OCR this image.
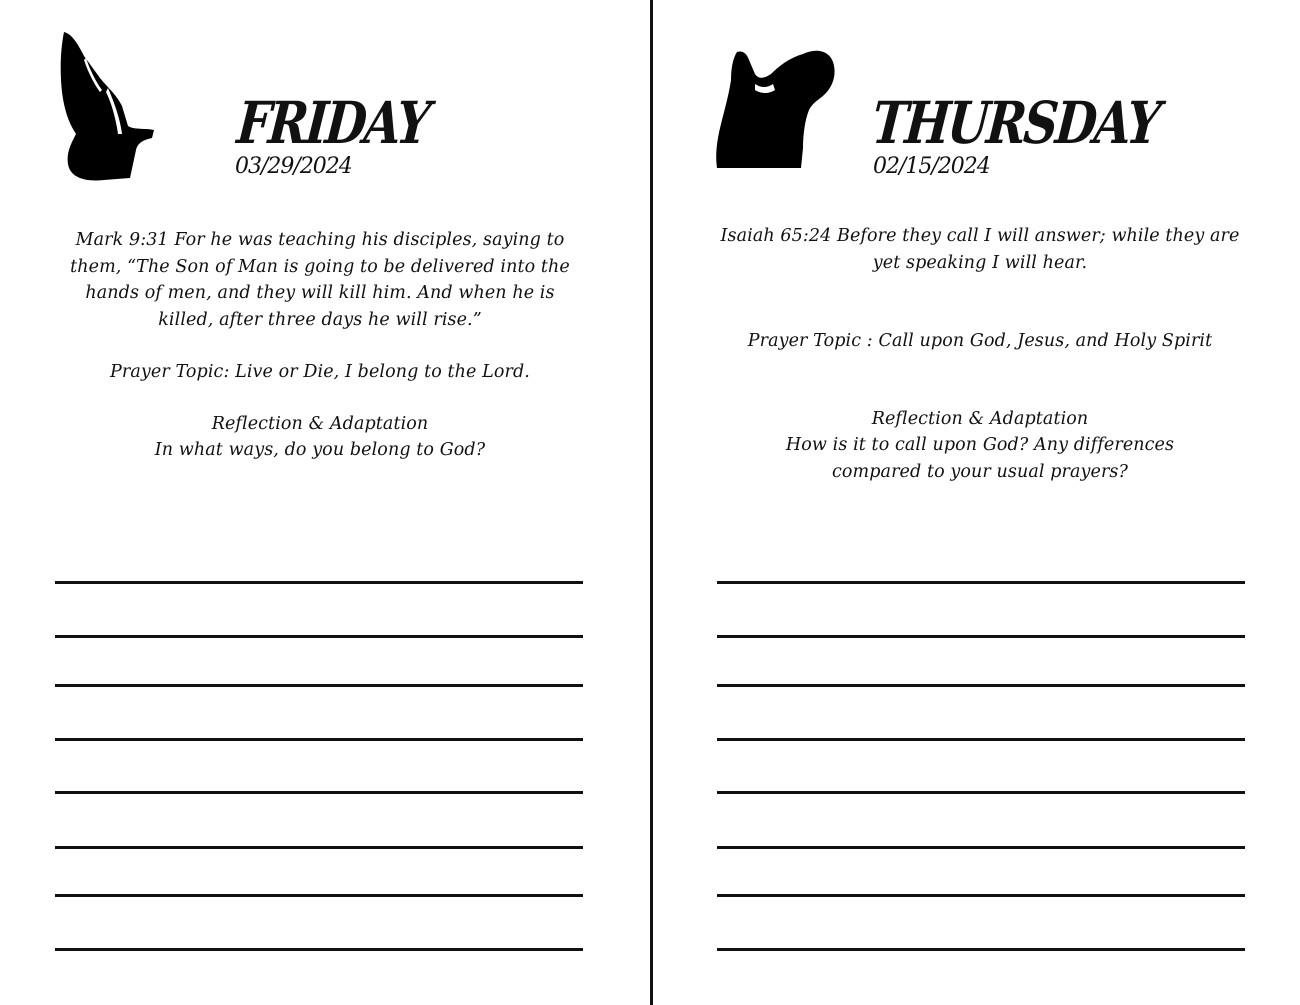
FRIDAY
03/29/2024

Mark 9:31 For he was teaching his disciples, saying to them, “The Son of Man is going to be delivered into the hands of men, and they will kill him. And when he is killed, after three days he will rise.”

Prayer Topic: Live or Die, I belong to the Lord.
Reflection & Adaptation
In what ways, do you belong to God?
THURSDAY
02/15/2024

Isaiah 65:24 Before they call I will answer; while they are yet speaking I will hear.

Prayer Topic : Call upon God, Jesus, and Holy Spirit
Reflection & Adaptation
How is it to call upon God? Any differences compared to your usual prayers?
